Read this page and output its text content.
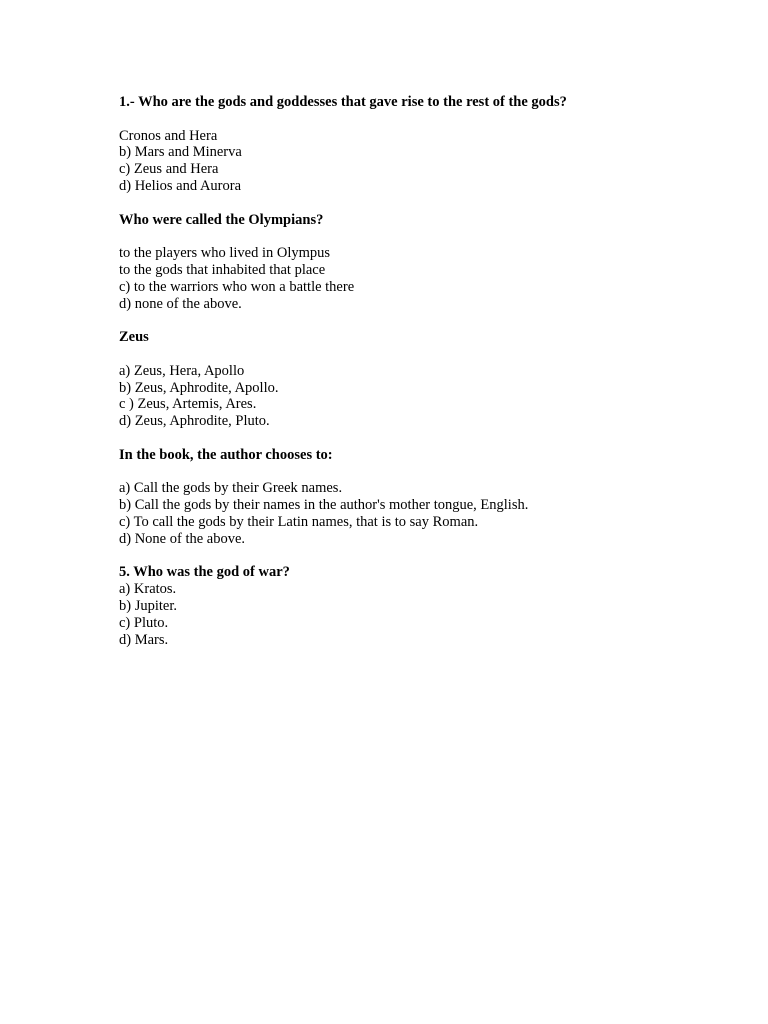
1.- Who are the gods and goddesses that gave rise to the rest of the gods?

Cronos and Hera
b) Mars and Minerva
c) Zeus and Hera
d) Helios and Aurora

Who were called the Olympians?

to the players who lived in Olympus
to the gods that inhabited that place
c) to the warriors who won a battle there
d) none of the above.

Zeus

a) Zeus, Hera, Apollo
b) Zeus, Aphrodite, Apollo.
c ) Zeus, Artemis, Ares.
d) Zeus, Aphrodite, Pluto.

In the book, the author chooses to:

a) Call the gods by their Greek names.
b) Call the gods by their names in the author's mother tongue, English.
c) To call the gods by their Latin names, that is to say Roman.
d) None of the above.

5. Who was the god of war?

a) Kratos.
b) Jupiter.
c) Pluto.
d) Mars.
